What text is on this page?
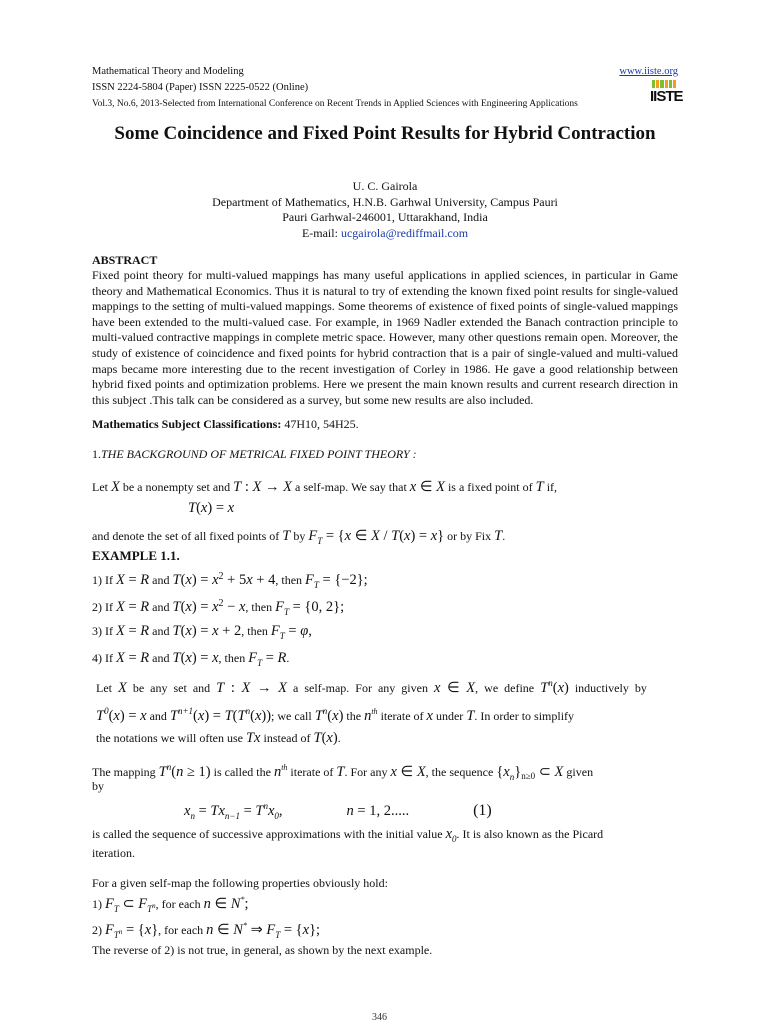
Mathematical Theory and Modeling
ISSN 2224-5804 (Paper) ISSN 2225-0522 (Online)
Vol.3, No.6, 2013-Selected from International Conference on Recent Trends in Applied Sciences with Engineering Applications
www.iiste.org
IISTE
Some Coincidence and Fixed Point Results for Hybrid Contraction
U. C. Gairola
Department of Mathematics, H.N.B. Garhwal University, Campus Pauri
Pauri Garhwal-246001, Uttarakhand, India
E-mail: ucgairola@rediffmail.com
ABSTRACT
Fixed point theory for multi-valued mappings has many useful applications in applied sciences, in particular in Game theory and Mathematical Economics. Thus it is natural to try of extending the known fixed point results for single-valued mappings to the setting of multi-valued mappings. Some theorems of existence of fixed points of single-valued mappings have been extended to the multi-valued case. For example, in 1969 Nadler extended the Banach contraction principle to multi-valued contractive mappings in complete metric space. However, many other questions remain open. Moreover, the study of existence of coincidence and fixed points for hybrid contraction that is a pair of single-valued and multi-valued maps became more interesting due to the recent investigation of Corley in 1986. He gave a good relationship between hybrid fixed points and optimization problems. Here we present the main known results and current research direction in this subject .This talk can be considered as a survey, but some new results are also included.
Mathematics Subject Classifications: 47H10, 54H25.
1.THE BACKGROUND OF METRICAL FIXED POINT THEORY :
Let X be a nonempty set and T : X → X a self-map. We say that x ∈ X is a fixed point of T if,
T(x) = x
and denote the set of all fixed points of T by $F_T = \{x$ ∈ X / T(x) = x} or by Fix T.
EXAMPLE 1.1.
1) If X = R and $T(x) = x^2 + 5x + 4$, then $F_T = \{-2\}$;
2) If X = R and $T(x) = x^2 - x$, then $F_T = \{0$, 2};
3) If X = R and T(x) = x + 2, then $F_T = \varphi$,
4) If X = R and T(x) = x, then $F_T = R$.
Let X be any set and T : X → X a self-map. For any given x ∈ X, we define $T^n(x)$ inductively by
$T^0(x) = x$ and $T^{n+1}(x) = T(T^n(x))$; we call $T^n(x)$ the $n^{th}$ iterate of x under T. In order to simplify
the notations we will often use Tx instead of T(x).
The mapping $T^n(n \ge 1)$ is called the $n^{th}$ iterate of T. For any x ∈ X, the sequence $\{x_n\}_{n\ge 0}$ ⊂ X given
by
$x_n = Tx_{n-1} = T^nx_0$,	n = 1, 2.....	(1)
is called the sequence of successive approximations with the initial value $x_0$. It is also known as the Picard
iteration.
For a given self-map the following properties obviously hold:
1) $F_T$ ⊂ $F_{T^n}$, for each n ∈ N*;
2) $F_{T^n} = \{x\}$, for each n ∈ N* ⇒ $F_T = \{x\}$;
The reverse of 2) is not true, in general, as shown by the next example.
346
